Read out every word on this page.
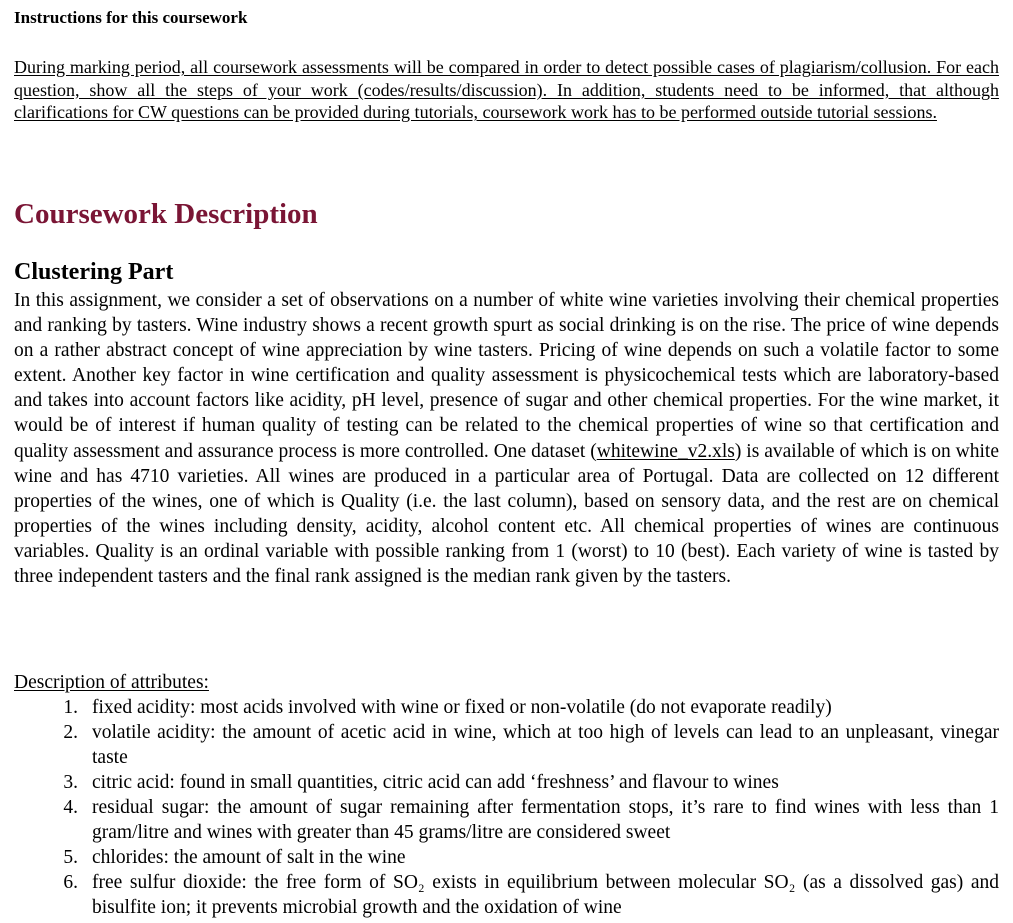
Instructions for this coursework
During marking period, all coursework assessments will be compared in order to detect possible cases of plagiarism/collusion. For each question, show all the steps of your work (codes/results/discussion). In addition, students need to be informed, that although clarifications for CW questions can be provided during tutorials, coursework work has to be performed outside tutorial sessions.
Coursework Description
Clustering Part
In this assignment, we consider a set of observations on a number of white wine varieties involving their chemical properties and ranking by tasters. Wine industry shows a recent growth spurt as social drinking is on the rise. The price of wine depends on a rather abstract concept of wine appreciation by wine tasters. Pricing of wine depends on such a volatile factor to some extent. Another key factor in wine certification and quality assessment is physicochemical tests which are laboratory-based and takes into account factors like acidity, pH level, presence of sugar and other chemical properties. For the wine market, it would be of interest if human quality of testing can be related to the chemical properties of wine so that certification and quality assessment and assurance process is more controlled. One dataset (whitewine_v2.xls) is available of which is on white wine and has 4710 varieties. All wines are produced in a particular area of Portugal. Data are collected on 12 different properties of the wines, one of which is Quality (i.e. the last column), based on sensory data, and the rest are on chemical properties of the wines including density, acidity, alcohol content etc. All chemical properties of wines are continuous variables. Quality is an ordinal variable with possible ranking from 1 (worst) to 10 (best). Each variety of wine is tasted by three independent tasters and the final rank assigned is the median rank given by the tasters.
Description of attributes:
1. fixed acidity: most acids involved with wine or fixed or non-volatile (do not evaporate readily)
2. volatile acidity: the amount of acetic acid in wine, which at too high of levels can lead to an unpleasant, vinegar taste
3. citric acid: found in small quantities, citric acid can add ‘freshness’ and flavour to wines
4. residual sugar: the amount of sugar remaining after fermentation stops, it’s rare to find wines with less than 1 gram/litre and wines with greater than 45 grams/litre are considered sweet
5. chlorides: the amount of salt in the wine
6. free sulfur dioxide: the free form of SO₂ exists in equilibrium between molecular SO₂ (as a dissolved gas) and bisulfite ion; it prevents microbial growth and the oxidation of wine
